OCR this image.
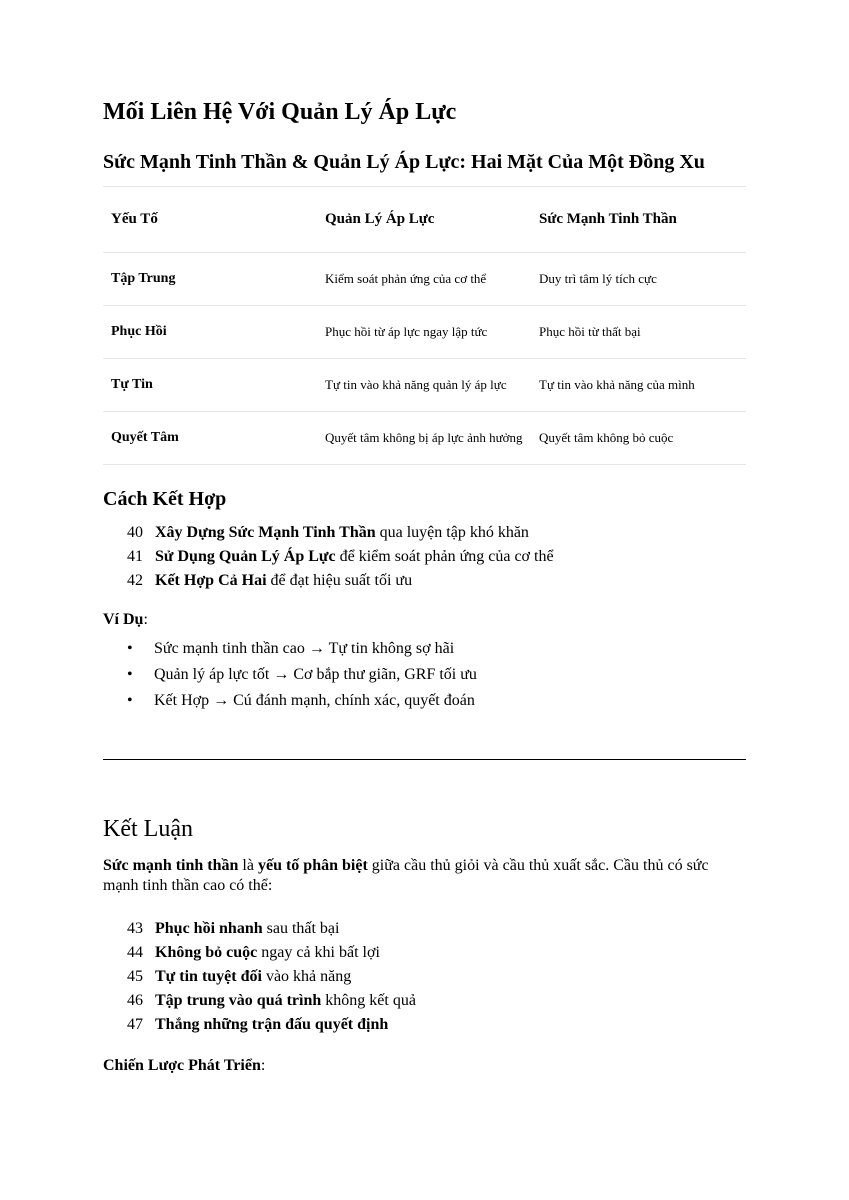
Mối Liên Hệ Với Quản Lý Áp Lực
Sức Mạnh Tinh Thần & Quản Lý Áp Lực: Hai Mặt Của Một Đồng Xu
Yếu Tố	Quản Lý Áp Lực	Sức Mạnh Tinh Thần
Tập Trung	Kiểm soát phản ứng của cơ thể	Duy trì tâm lý tích cực
Phục Hồi	Phục hồi từ áp lực ngay lập tức	Phục hồi từ thất bại
Tự Tin	Tự tin vào khả năng quản lý áp lực	Tự tin vào khả năng của mình
Quyết Tâm	Quyết tâm không bị áp lực ảnh hưởng	Quyết tâm không bỏ cuộc
Cách Kết Hợp
40 Xây Dựng Sức Mạnh Tinh Thần qua luyện tập khó khăn
41 Sử Dụng Quản Lý Áp Lực để kiểm soát phản ứng của cơ thể
42 Kết Hợp Cả Hai để đạt hiệu suất tối ưu
Ví Dụ:
• Sức mạnh tinh thần cao → Tự tin không sợ hãi
• Quản lý áp lực tốt → Cơ bắp thư giãn, GRF tối ưu
• Kết Hợp → Cú đánh mạnh, chính xác, quyết đoán
Kết Luận

Sức mạnh tinh thần là yếu tố phân biệt giữa cầu thủ giỏi và cầu thủ xuất sắc. Cầu thủ có sức mạnh tinh thần cao có thể:

43 Phục hồi nhanh sau thất bại
44 Không bỏ cuộc ngay cả khi bất lợi
45 Tự tin tuyệt đối vào khả năng
46 Tập trung vào quá trình không kết quả
47 Thắng những trận đấu quyết định
Chiến Lược Phát Triển:
